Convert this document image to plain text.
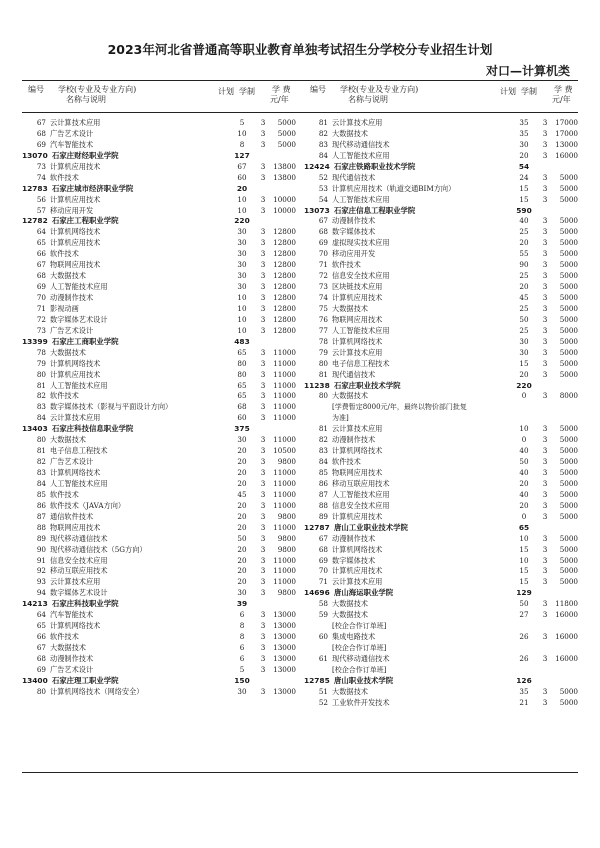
2023年河北省普通高等职业教育单独考试招生分学校分专业招生计划
对口—计算机类
编号 学校(专业及专业方向)
名称与说明
计划 学制 学 费
元/年
编号 学校(专业及专业方向)
名称与说明
计划 学制 学 费
元/年
67 云计算技术应用	5	3	5000
68 广告艺术设计	10	3	5000
69 汽车智能技术	8	3	5000
13070 石家庄财经职业学院	127
73 计算机应用技术	67	3	13800
74 软件技术	60	3	13800
12783 石家庄城市经济职业学院	20
56 计算机应用技术	10	3	10000
57 移动应用开发	10	3	10000
12782 石家庄工程职业学院	220
64 计算机网络技术	30	3	12800
65 计算机应用技术	30	3	12800
66 软件技术	30	3	12800
67 物联网应用技术	30	3	12800
68 大数据技术	30	3	12800
69 人工智能技术应用	30	3	12800
70 动漫制作技术	10	3	12800
71 影视动画	10	3	12800
72 数字媒体艺术设计	10	3	12800
73 广告艺术设计	10	3	12800
13399 石家庄工商职业学院	483
78 大数据技术	65	3	11000
79 计算机网络技术	80	3	11000
80 计算机应用技术	80	3	11000
81 人工智能技术应用	65	3	11000
82 软件技术	65	3	11000
83 数字媒体技术（影视与平面设计方向）	68	3	11000
84 云计算技术应用	60	3	11000
13403 石家庄科技信息职业学院	375
80 大数据技术	30	3	11000
81 电子信息工程技术	20	3	10500
82 广告艺术设计	20	3	9800
83 计算机网络技术	20	3	11000
84 人工智能技术应用	20	3	11000
85 软件技术	45	3	11000
86 软件技术（JAVA方向）	20	3	11000
87 通信软件技术	20	3	9800
88 物联网应用技术	20	3	11000
89 现代移动通信技术	50	3	9800
90 现代移动通信技术（5G方向）	20	3	9800
91 信息安全技术应用	20	3	11000
92 移动互联应用技术	20	3	11000
93 云计算技术应用	20	3	11000
94 数字媒体艺术设计	30	3	9800
14213 石家庄科技职业学院	39
64 汽车智能技术	6	3	13000
65 计算机网络技术	8	3	13000
66 软件技术	8	3	13000
67 大数据技术	6	3	13000
68 动漫制作技术	6	3	13000
69 广告艺术设计	5	3	13000
13400 石家庄理工职业学院	150
80 计算机网络技术（网络安全）	30	3	13000
81 云计算技术应用	35	3	17000
82 大数据技术	35	3	17000
83 现代移动通信技术	30	3	13000
84 人工智能技术应用	20	3	16000
12424 石家庄铁路职业技术学院	54
52 现代通信技术	24	3	5000
53 计算机应用技术（轨道交通BIM方向）	15	3	5000
54 人工智能技术应用	15	3	5000
13073 石家庄信息工程职业学院	590
67 动漫制作技术	40	3	5000
68 数字媒体技术	25	3	5000
69 虚拟现实技术应用	20	3	5000
70 移动应用开发	55	3	5000
71 软件技术	90	3	5000
72 信息安全技术应用	25	3	5000
73 区块链技术应用	20	3	5000
74 计算机应用技术	45	3	5000
75 大数据技术	25	3	5000
76 物联网应用技术	50	3	5000
77 人工智能技术应用	25	3	5000
78 计算机网络技术	30	3	5000
79 云计算技术应用	30	3	5000
80 电子信息工程技术	15	3	5000
81 现代通信技术	20	3	5000
11238 石家庄职业技术学院	220
80 大数据技术	0	3	8000
[学费暂定8000元/年，最终以物价部门批复
为准]
81 云计算技术应用	10	3	5000
82 动漫制作技术	0	3	5000
83 计算机网络技术	40	3	5000
84 软件技术	50	3	5000
85 物联网应用技术	40	3	5000
86 移动互联应用技术	20	3	5000
87 人工智能技术应用	40	3	5000
88 信息安全技术应用	20	3	5000
89 计算机应用技术	0	3	5000
12787 唐山工业职业技术学院	65
67 动漫制作技术	10	3	5000
68 计算机网络技术	15	3	5000
69 数字媒体技术	10	3	5000
70 计算机应用技术	15	3	5000
71 云计算技术应用	15	3	5000
14696 唐山海运职业学院	129
58 大数据技术	50	3	11800
59 大数据技术	27	3	16000
[校企合作订单班]
60 集成电路技术	26	3	16000
[校企合作订单班]
61 现代移动通信技术	26	3	16000
[校企合作订单班]
12785 唐山职业技术学院	126
51 大数据技术	35	3	5000
52 工业软件开发技术	21	3	5000
